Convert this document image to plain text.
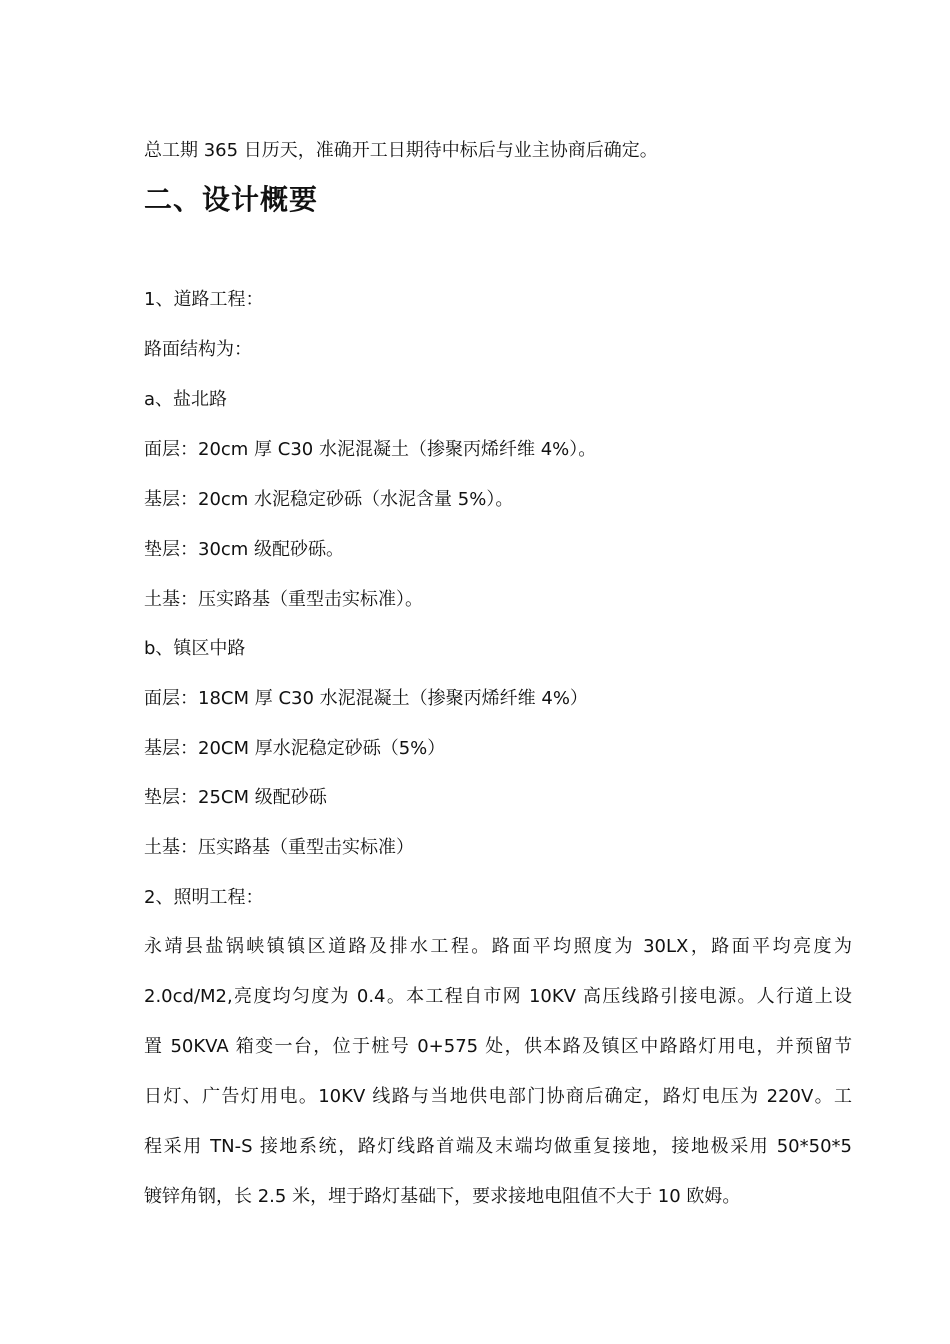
总工期 365 日历天，准确开工日期待中标后与业主协商后确定。
二、设计概要
1、道路工程：
路面结构为：
a、盐北路
面层：20cm 厚 C30 水泥混凝土（掺聚丙烯纤维 4%）。
基层：20cm 水泥稳定砂砾（水泥含量 5%）。
垫层：30cm 级配砂砾。
土基：压实路基（重型击实标准）。
b、镇区中路
面层：18CM 厚 C30 水泥混凝土（掺聚丙烯纤维 4%）
基层：20CM 厚水泥稳定砂砾（5%）
垫层：25CM 级配砂砾
土基：压实路基（重型击实标准）
2、照明工程：
永靖县盐锅峡镇镇区道路及排水工程。路面平均照度为 30LX，路面平均亮度为
2.0cd/M2,亮度均匀度为 0.4。本工程自市网 10KV 高压线路引接电源。人行道上设
置 50KVA 箱变一台，位于桩号 0+575 处，供本路及镇区中路路灯用电，并预留节
日灯、广告灯用电。10KV 线路与当地供电部门协商后确定，路灯电压为 220V。工
程采用 TN-S 接地系统，路灯线路首端及末端均做重复接地，接地极采用 50*50*5
镀锌角钢，长 2.5 米，埋于路灯基础下，要求接地电阻值不大于 10 欧姆。
